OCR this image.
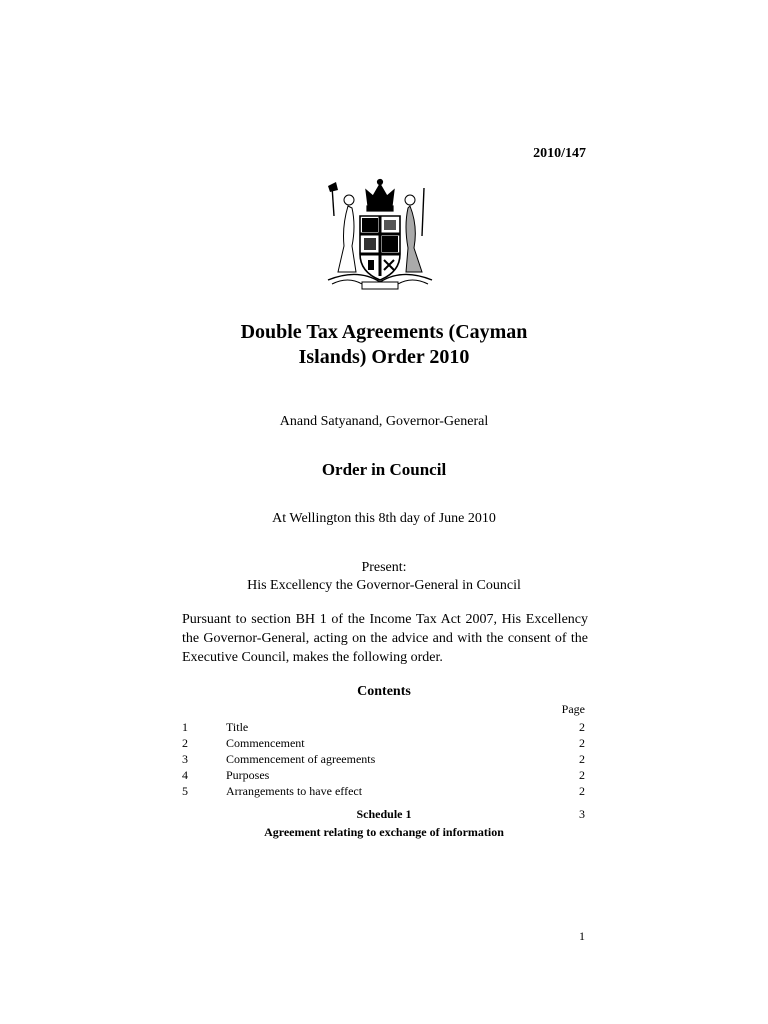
2010/147
Double Tax Agreements (Cayman
Islands) Order 2010
Anand Satyanand, Governor-General
Order in Council
At Wellington this 8th day of June 2010
Present:
His Excellency the Governor-General in Council
Pursuant to section BH 1 of the Income Tax Act 2007, His Excellency the Governor-General, acting on the advice and with the consent of the Executive Council, makes the following order.
Contents
Page
1	Title	2
2	Commencement	2
3	Commencement of agreements	2
4	Purposes	2
5	Arrangements to have effect	2
Schedule 1	3
Agreement relating to exchange of information
1
